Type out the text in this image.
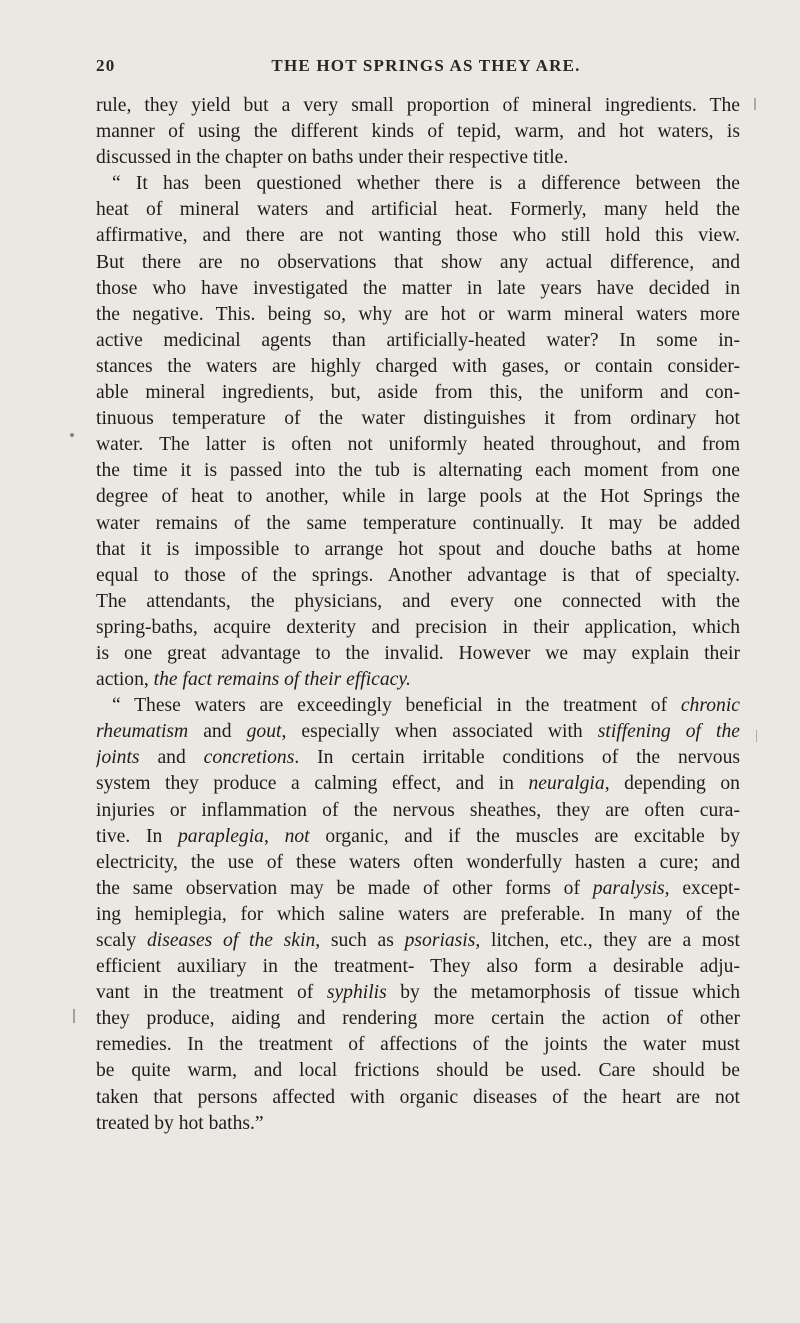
20	THE HOT SPRINGS AS THEY ARE.
rule, they yield but a very small proportion of mineral ingredients. The
manner of using the different kinds of tepid, warm, and hot waters, is
discussed in the chapter on baths under their respective title.
“ It has been questioned whether there is a difference between the
heat of mineral waters and artificial heat. Formerly, many held the
affirmative, and there are not wanting those who still hold this view.
But there are no observations that show any actual difference, and
those who have investigated the matter in late years have decided in
the negative. This. being so, why are hot or warm mineral waters more
active medicinal agents than artificially-heated water? In some in-
stances the waters are highly charged with gases, or contain consider-
able mineral ingredients, but, aside from this, the uniform and con-
tinuous temperature of the water distinguishes it from ordinary hot
water. The latter is often not uniformly heated throughout, and from
the time it is passed into the tub is alternating each moment from one
degree of heat to another, while in large pools at the Hot Springs the
water remains of the same temperature continually. It may be added
that it is impossible to arrange hot spout and douche baths at home
equal to those of the springs. Another advantage is that of specialty.
The attendants, the physicians, and every one connected with the
spring-baths, acquire dexterity and precision in their application, which
is one great advantage to the invalid. However we may explain their
action, the fact remains of their efficacy.
“ These waters are exceedingly beneficial in the treatment of chronic
rheumatism and gout, especially when associated with stiffening of the
joints and concretions. In certain irritable conditions of the nervous
system they produce a calming effect, and in neuralgia, depending on
injuries or inflammation of the nervous sheathes, they are often cura-
tive. In paraplegia, not organic, and if the muscles are excitable by
electricity, the use of these waters often wonderfully hasten a cure; and
the same observation may be made of other forms of paralysis, except-
ing hemiplegia, for which saline waters are preferable. In many of the
scaly diseases of the skin, such as psoriasis, litchen, etc., they are a most
efficient auxiliary in the treatment- They also form a desirable adju-
vant in the treatment of syphilis by the metamorphosis of tissue which
they produce, aiding and rendering more certain the action of other
remedies. In the treatment of affections of the joints the water must
be quite warm, and local frictions should be used. Care should be
taken that persons affected with organic diseases of the heart are not
treated by hot baths.”
